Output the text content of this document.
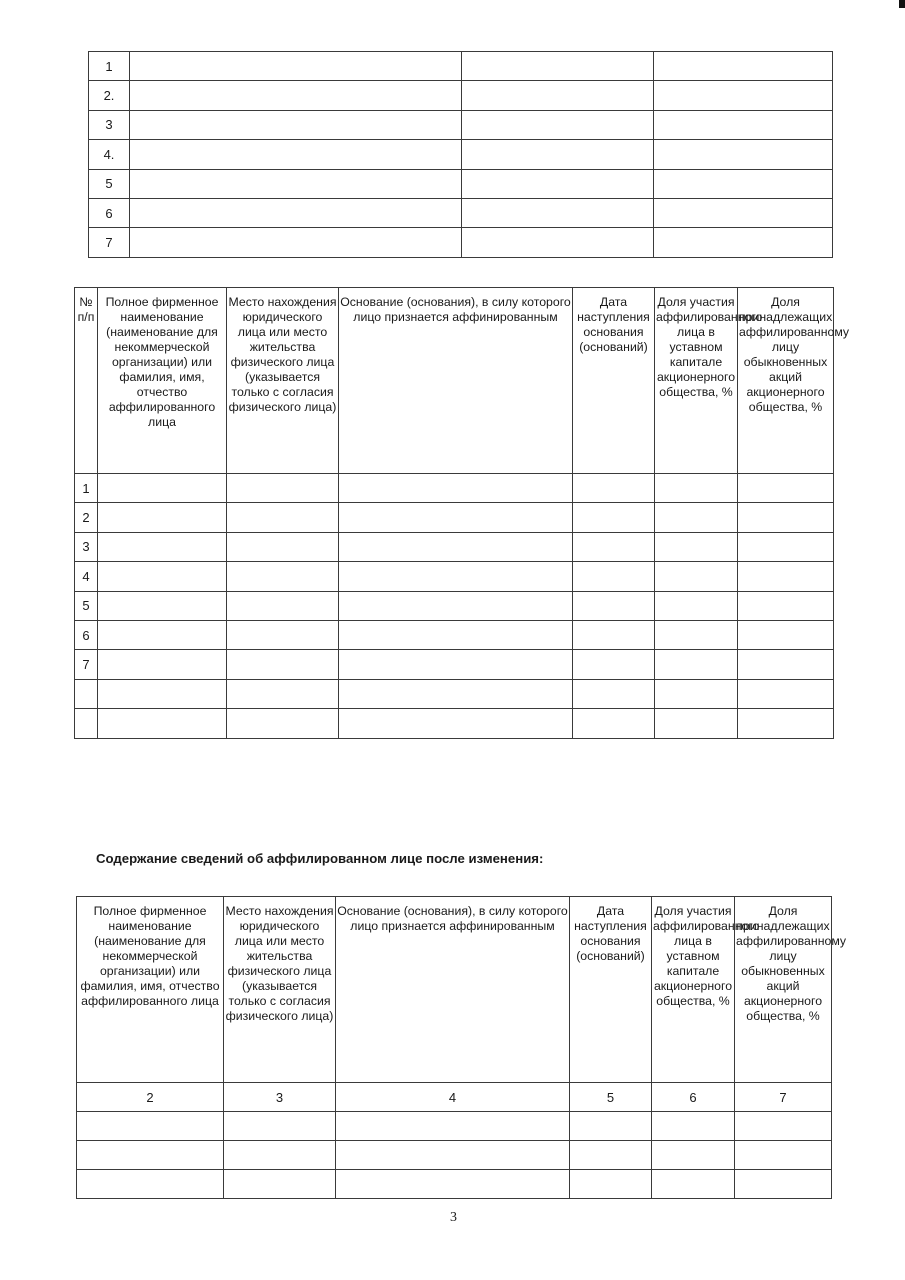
1			
2.			
3			
4.			
5			
6			
7			
№ п/п	Полное фирменное наименование (наименование для некоммерческой организации) или фамилия, имя, отчество аффилированного лица	Место нахождения юридического лица или место жительства физического лица (указывается только с согласия физического лица)	Основание (основания), в силу которого лицо признается аффинированным	Дата наступления основания (оснований)	Доля участия аффилированного лица в уставном капитале акционерного общества, %	Доля принадлежащих аффилированному лицу обыкновенных акций акционерного общества, %
1						
2						
3						
4						
5						
6						
7						

Содержание сведений об аффилированном лице после изменения:

Полное фирменное наименование (наименование для некоммерческой организации) или фамилия, имя, отчество аффилированного лица	Место нахождения юридического лица или место жительства физического лица (указывается только с согласия физического лица)	Основание (основания), в силу которого лицо признается аффинированным	Дата наступления основания (оснований)	Доля участия аффилированного лица в уставном капитале акционерного общества, %	Доля принадлежащих аффилированному лицу обыкновенных акций акционерного общества, %
2	3	4	5	6	7

3
